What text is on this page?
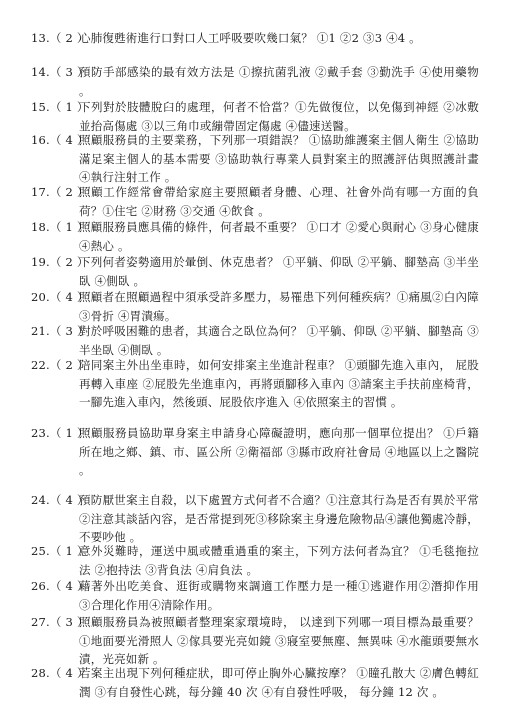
13.（ 2 ）
心肺復甦術進行口對口人工呼吸要吹幾口氣？ ①1 ②2 ③3 ④4 。
14.（ 3 ）
預防手部感染的最有效方法是 ①擦抗菌乳液 ②戴手套 ③勤洗手 ④使用藥物 。
15.（ 1 ）
下列對於肢體脫臼的處理，何者不恰當？①先做復位，以免傷到神經 ②冰敷並抬高傷處 ③以三角巾或繃帶固定傷處 ④儘速送醫。
16.（ 4 ）
照顧服務員的主要業務，下列那一項錯誤？ ①協助維護案主個人衛生 ②協助滿足案主個人的基本需要 ③協助執行專業人員對案主的照護評估與照護計畫 ④執行注射工作 。
17.（ 2 ）
照顧工作經常會帶給家庭主要照顧者身體、心理、社會外尚有哪一方面的負荷？①住宅 ②財務 ③交通 ④飲食 。
18.（ 1 ）
照顧服務員應具備的條件，何者最不重要？ ①口才 ②愛心與耐心 ③身心健康④熱心 。
19.（ 2 ）
下列何者姿勢適用於暈倒、休克患者？ ①平躺、仰臥 ②平躺、腳墊高 ③半坐臥 ④側臥 。
20.（ 4 ）
照顧者在照顧過程中須承受許多壓力，易罹患下列何種疾病？①痛風②白內障③骨折 ④胃潰瘍。
21.（ 3 ）
對於呼吸困難的患者，其適合之臥位為何？ ①平躺、仰臥 ②平躺、腳墊高 ③半坐臥 ④側臥 。
22.（ 2 ）
陪同案主外出坐車時，如何安排案主坐進計程車？ ①頭腳先進入車內， 屁股再轉入車座 ②屁股先坐進車內，再將頭腳移入車內 ③請案主手扶前座椅背，一腳先進入車內，然後頭、屁股依序進入 ④依照案主的習慣 。
23.（ 1 ）
照顧服務員協助單身案主申請身心障礙證明，應向那一個單位提出？ ①戶籍所在地之鄉、鎮、市、區公所 ②衛福部 ③縣市政府社會局 ④地區以上之醫院 。
24.（ 4 ）
預防厭世案主自殺，以下處置方式何者不合適？①注意其行為是否有異於平常②注意其談話內容，是否常提到死③移除案主身邊危險物品④讓他獨處冷靜，不要吵他 。
25.（ 1 ）
意外災難時，運送中風或體重過重的案主，下列方法何者為宜？ ①毛毯拖拉法 ②抱持法 ③背負法 ④肩負法 。
26.（ 4 ）
藉著外出吃美食、逛街或購物來調適工作壓力是一種①逃避作用②潛抑作用 ③合理化作用④清除作用。
27.（ 3 ）
照顧服務員為被照顧者整理案家環境時， 以達到下列哪一項目標為最重要？ ①地面要光滑照人 ②傢具要光亮如鏡 ③寢室要無塵、無異味 ④水龍頭要無水漬，光亮如新 。
28.（ 4 ）
若案主出現下列何種症狀，即可停止胸外心臟按摩？ ①瞳孔散大 ②膚色轉紅潤 ③有自發性心跳，每分鐘 40 次 ④有自發性呼吸， 每分鐘 12 次 。
